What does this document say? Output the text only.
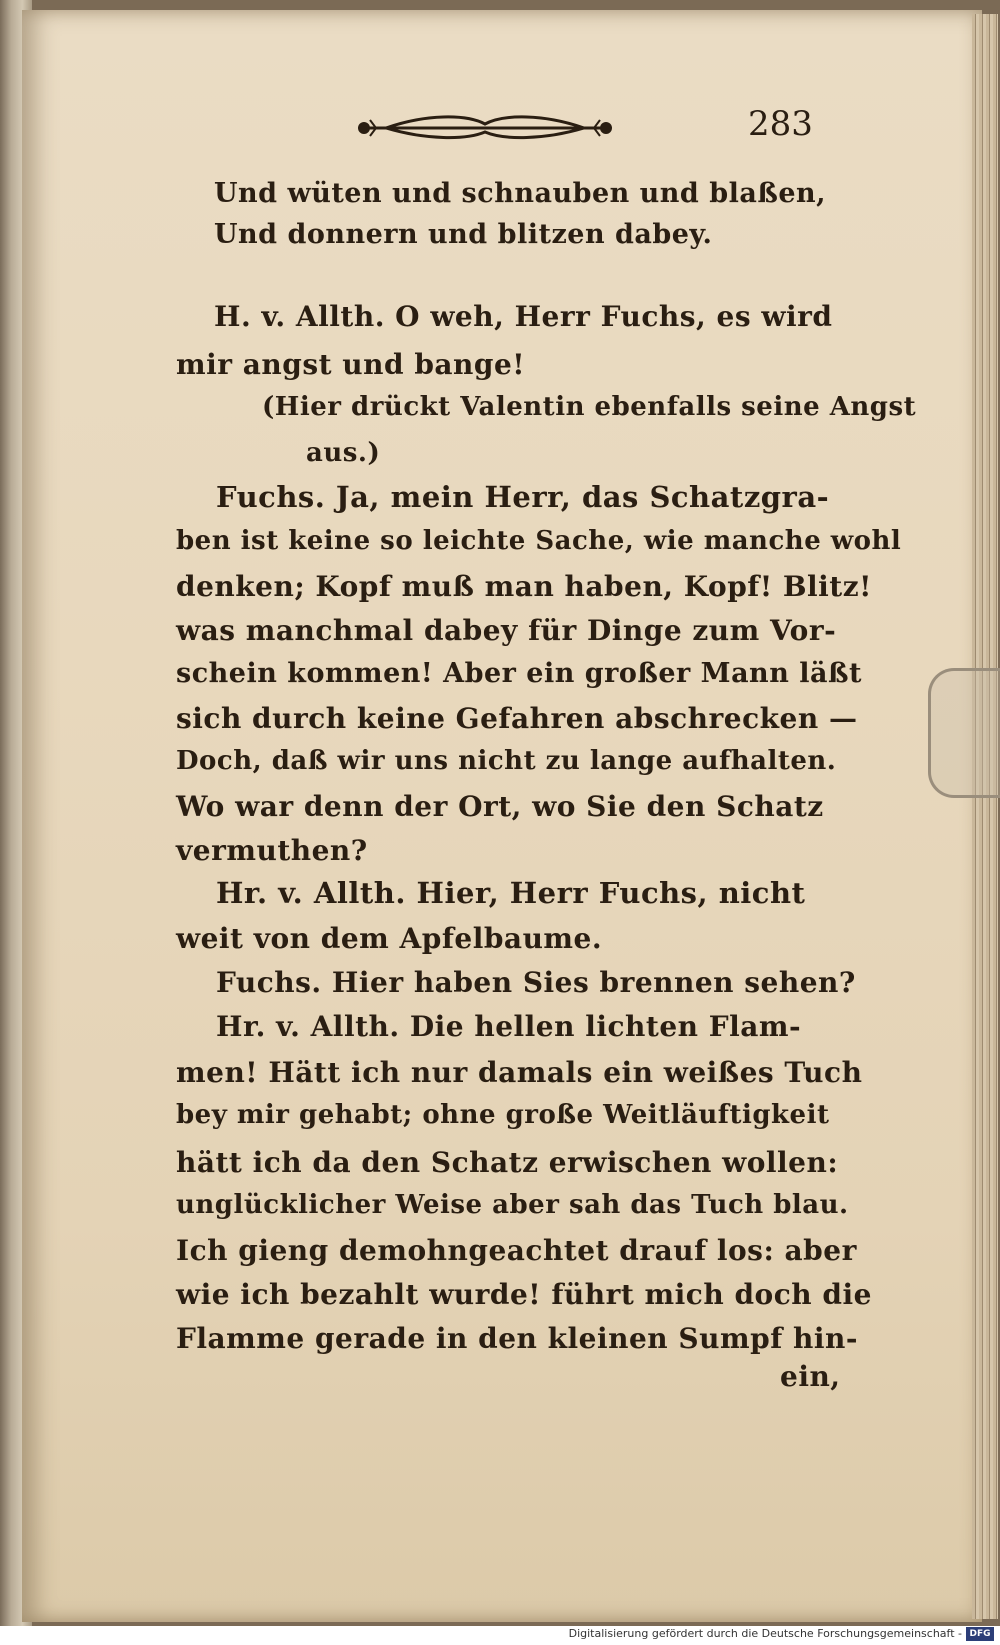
283

Und wüten und schnauben und blaßen,

Und donnern und blitzen dabey.

H. v. Allth. O weh, Herr Fuchs, es wird

mir angst und bange!

(Hier drückt Valentin ebenfalls seine Angst

aus.)

Fuchs. Ja, mein Herr, das Schatzgra-

ben ist keine so leichte Sache, wie manche wohl

denken; Kopf muß man haben, Kopf! Blitz!

was manchmal dabey für Dinge zum Vor-

schein kommen! Aber ein großer Mann läßt

sich durch keine Gefahren abschrecken —

Doch, daß wir uns nicht zu lange aufhalten.

Wo war denn der Ort, wo Sie den Schatz

vermuthen?

Hr. v. Allth. Hier, Herr Fuchs, nicht

weit von dem Apfelbaume.

Fuchs. Hier haben Sies brennen sehen?

Hr. v. Allth. Die hellen lichten Flam-

men! Hätt ich nur damals ein weißes Tuch

bey mir gehabt; ohne große Weitläuftigkeit

hätt ich da den Schatz erwischen wollen:

unglücklicher Weise aber sah das Tuch blau.

Ich gieng demohngeachtet drauf los: aber

wie ich bezahlt wurde! führt mich doch die

Flamme gerade in den kleinen Sumpf hin-

ein,

Digitalisierung gefördert durch die Deutsche Forschungsgemeinschaft - DFG
